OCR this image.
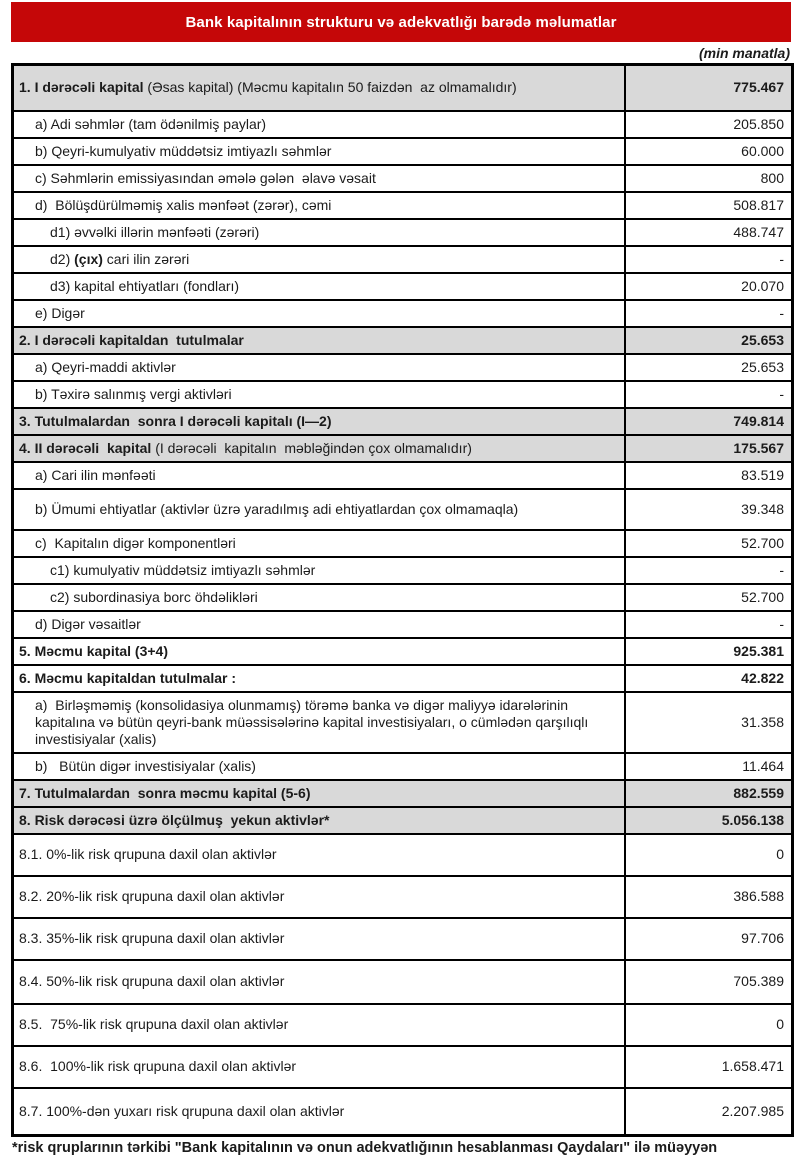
Bank kapitalının strukturu və adekvatlığı barədə məlumatlar
(min manatla)
1. I dərəcəli kapital (Əsas kapital) (Məcmu kapitalın 50 faizdən  az olmamalıdır)	775.467
a) Adi səhmlər (tam ödənilmiş paylar)	205.850
b) Qeyri-kumulyativ müddətsiz imtiyazlı səhmlər	60.000
c) Səhmlərin emissiyasından əmələ gələn  əlavə vəsait	800
d)  Bölüşdürülməmiş xalis mənfəət (zərər), cəmi	508.817
d1) əvvəlki illərin mənfəəti (zərəri)	488.747
d2) (çıx) cari ilin zərəri	-
d3) kapital ehtiyatları (fondları)	20.070
e) Digər	-
2. I dərəcəli kapitaldan  tutulmalar	25.653
a) Qeyri-maddi aktivlər	25.653
b) Təxirə salınmış vergi aktivləri	-
3. Tutulmalardan  sonra I dərəcəli kapitalı (I—2)	749.814
4. II dərəcəli  kapital (I dərəcəli  kapitalın  məbləğindən çox olmamalıdır)	175.567
a) Cari ilin mənfəəti	83.519
b) Ümumi ehtiyatlar (aktivlər üzrə yaradılmış adi ehtiyatlardan çox olmamaqla)	39.348
c)  Kapitalın digər komponentləri	52.700
c1) kumulyativ müddətsiz imtiyazlı səhmlər	-
c2) subordinasiya borc öhdəlikləri	52.700
d) Digər vəsaitlər	-
5. Məcmu kapital (3+4)	925.381
6. Məcmu kapitaldan tutulmalar :	42.822
a)  Birləşməmiş (konsolidasiya olunmamış) törəmə banka və digər maliyyə idarələrinin kapitalına və bütün qeyri-bank müəssisələrinə kapital investisiyaları, o cümlədən qarşılıqlı investisiyalar (xalis)	31.358
b)   Bütün digər investisiyalar (xalis)	11.464
7. Tutulmalardan  sonra məcmu kapital (5-6)	882.559
8. Risk dərəcəsi üzrə ölçülmuş  yekun aktivlər*	5.056.138
8.1. 0%-lik risk qrupuna daxil olan aktivlər	0
8.2. 20%-lik risk qrupuna daxil olan aktivlər	386.588
8.3. 35%-lik risk qrupuna daxil olan aktivlər	97.706
8.4. 50%-lik risk qrupuna daxil olan aktivlər	705.389
8.5.  75%-lik risk qrupuna daxil olan aktivlər	0
8.6.  100%-lik risk qrupuna daxil olan aktivlər	1.658.471
8.7. 100%-dən yuxarı risk qrupuna daxil olan aktivlər	2.207.985
*risk qruplarının tərkibi "Bank kapitalının və onun adekvatlığının hesablanması Qaydaları" ilə müəyyən
